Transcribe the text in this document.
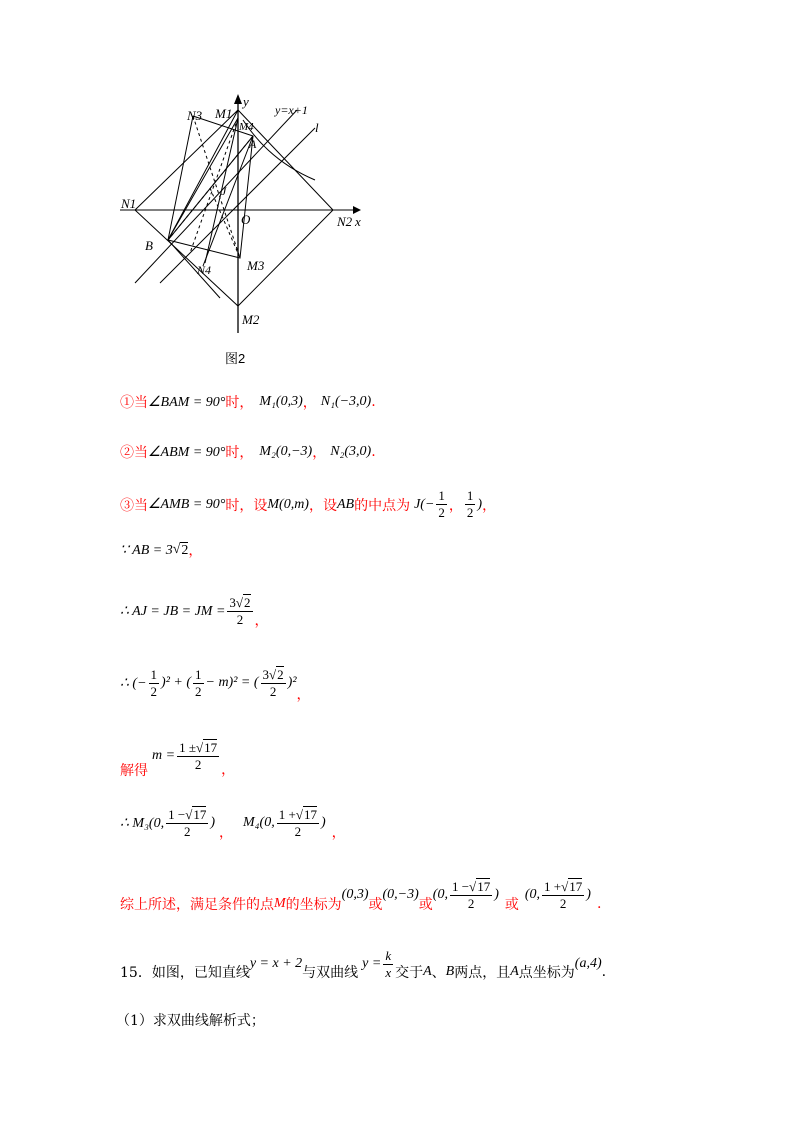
y
x
y=x+1
l
N3 M1
M4
A
J
N1
O	N2
B
N4	M3
M2
图2
①当 ∠BAM = 90° 时， M₁(0,3) ， N₁(−3,0) .
②当 ∠ABM = 90° 时， M₂(0,−3) ， N₂(3,0) .
③当 ∠AMB = 90° 时，设 M(0,m) ，设 AB 的中点为 $J(- \frac{1}{2}$ ， $\frac{1}{2}$ ) ，
∵ AB = 3 √ 2 ，
∴ AJ = JB = JM = $\frac{3√2}{2}$ ，
∴ (− $\frac{1}{2} )^2$ + ( $\frac{1}{2} - m)^2$ = ( $\frac{3√2}{2} )^2$
，
解得
$m = \frac{1 \pm√17}{2}$ ，
∴ M₃(0, $\frac{1 -√17}{2}$ )
，
M₄(0, $\frac{1 +√17}{2}$ )
，
综上所述，满足条件的点 M 的坐标为
(0,3)
或
(0,−3)
或
(0, $\frac{1 -√17}{2}$ )
或
(0, $\frac{1 +√17}{2}$ )
.
15．如图，已知直线
y = x + 2
与双曲线
$y = \frac{k}{x}$ 交于 A 、 B 两点，且 A 点坐标为
(a,4)
.
（1）求双曲线解析式；
